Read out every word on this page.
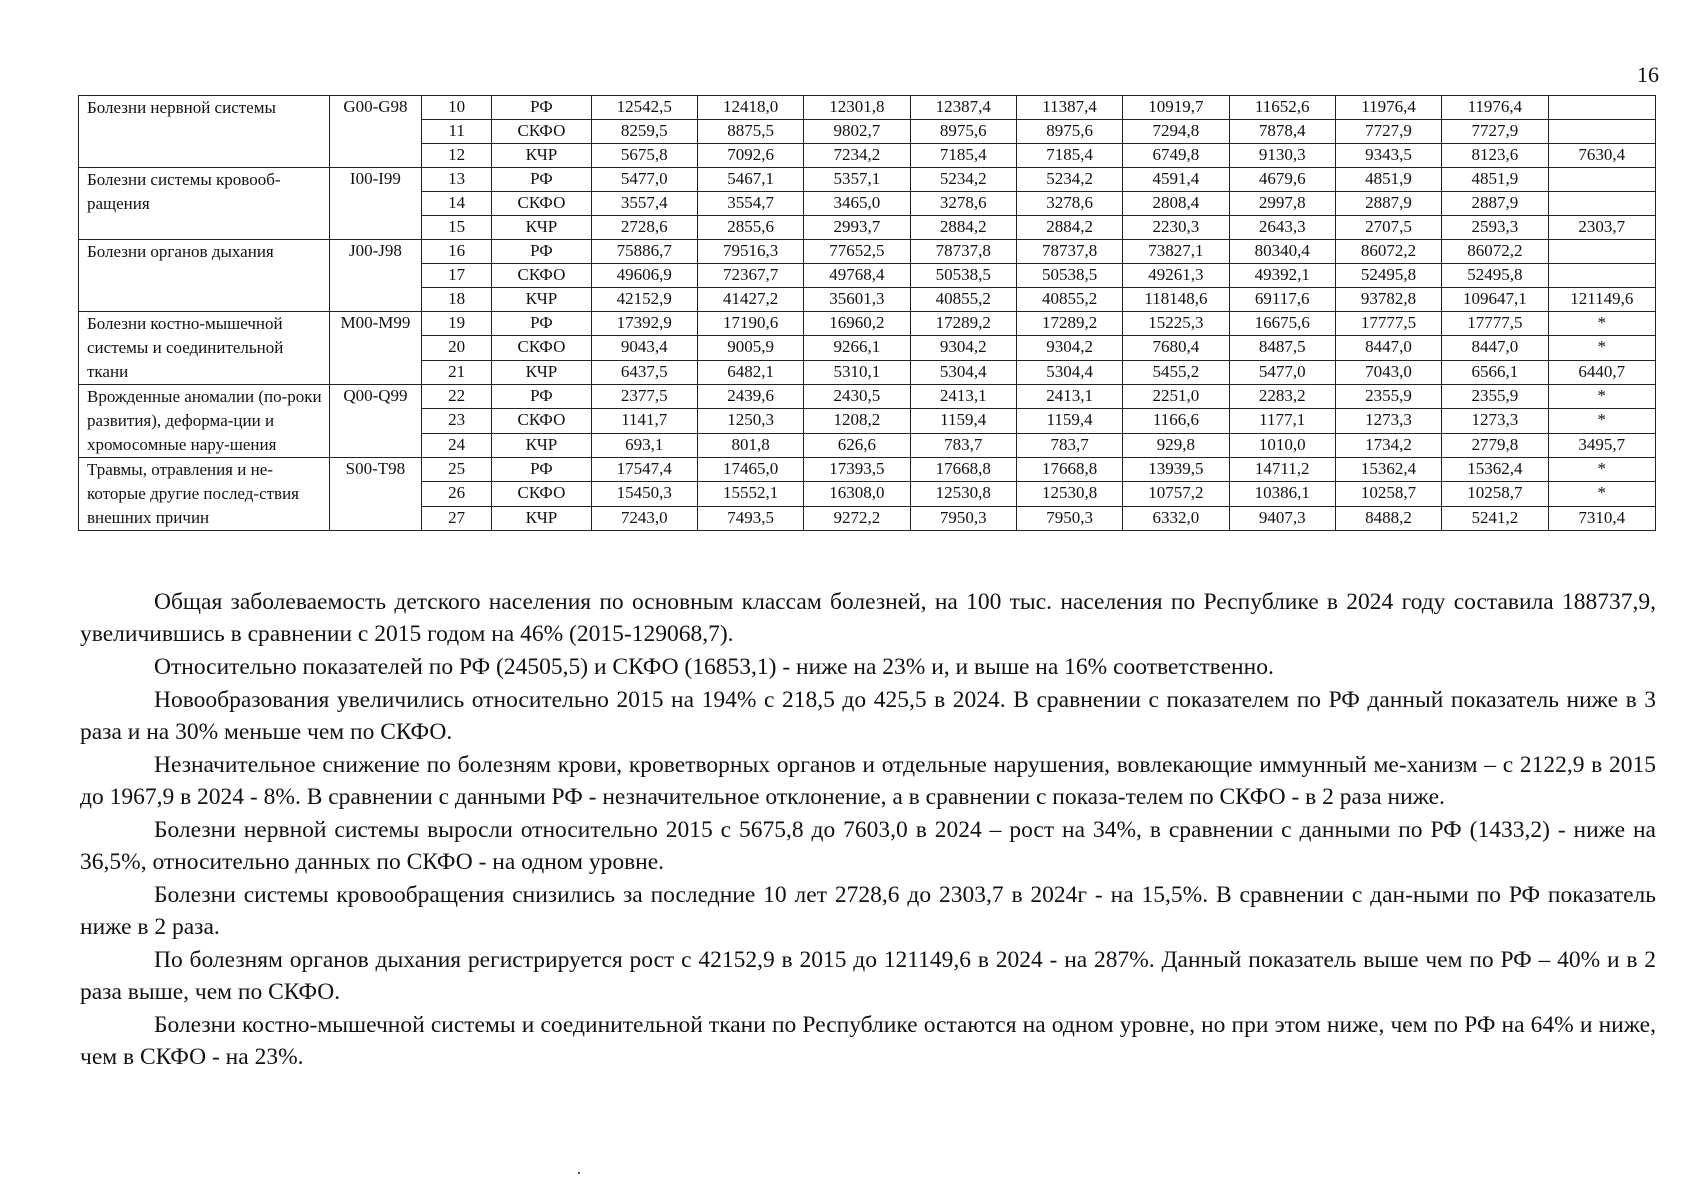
16
Болезни нервной системы	G00-G98	10	РФ	12542,5	12418,0	12301,8	12387,4	11387,4	10919,7	11652,6	11976,4	11976,4	
		11	СКФО	8259,5	8875,5	9802,7	8975,6	8975,6	7294,8	7878,4	7727,9	7727,9	
		12	КЧР	5675,8	7092,6	7234,2	7185,4	7185,4	6749,8	9130,3	9343,5	8123,6	7630,4
Болезни системы кровооб-ращения	I00-I99	13	РФ	5477,0	5467,1	5357,1	5234,2	5234,2	4591,4	4679,6	4851,9	4851,9	
		14	СКФО	3557,4	3554,7	3465,0	3278,6	3278,6	2808,4	2997,8	2887,9	2887,9	
		15	КЧР	2728,6	2855,6	2993,7	2884,2	2884,2	2230,3	2643,3	2707,5	2593,3	2303,7
Болезни органов дыхания	J00-J98	16	РФ	75886,7	79516,3	77652,5	78737,8	78737,8	73827,1	80340,4	86072,2	86072,2	
		17	СКФО	49606,9	72367,7	49768,4	50538,5	50538,5	49261,3	49392,1	52495,8	52495,8	
		18	КЧР	42152,9	41427,2	35601,3	40855,2	40855,2	118148,6	69117,6	93782,8	109647,1	121149,6
Болезни костно-мышечной системы и соединительной ткани	M00-M99	19	РФ	17392,9	17190,6	16960,2	17289,2	17289,2	15225,3	16675,6	17777,5	17777,5	*
		20	СКФО	9043,4	9005,9	9266,1	9304,2	9304,2	7680,4	8487,5	8447,0	8447,0	*
		21	КЧР	6437,5	6482,1	5310,1	5304,4	5304,4	5455,2	5477,0	7043,0	6566,1	6440,7
Врожденные аномалии (по-роки развития), деформа-ции и хромосомные нару-шения	Q00-Q99	22	РФ	2377,5	2439,6	2430,5	2413,1	2413,1	2251,0	2283,2	2355,9	2355,9	*
		23	СКФО	1141,7	1250,3	1208,2	1159,4	1159,4	1166,6	1177,1	1273,3	1273,3	*
		24	КЧР	693,1	801,8	626,6	783,7	783,7	929,8	1010,0	1734,2	2779,8	3495,7
Травмы, отравления и не-которые другие послед-ствия внешних причин	S00-T98	25	РФ	17547,4	17465,0	17393,5	17668,8	17668,8	13939,5	14711,2	15362,4	15362,4	*
		26	СКФО	15450,3	15552,1	16308,0	12530,8	12530,8	10757,2	10386,1	10258,7	10258,7	*
		27	КЧР	7243,0	7493,5	9272,2	7950,3	7950,3	6332,0	9407,3	8488,2	5241,2	7310,4

Общая заболеваемость детского населения по основным классам болезней, на 100 тыс. населения по Республике в 2024 году составила 188737,9, увеличившись в сравнении с 2015 годом на 46% (2015-129068,7).

Относительно показателей по РФ (24505,5) и СКФО (16853,1) - ниже на 23% и, и выше на 16% соответственно.

Новообразования увеличились относительно 2015 на 194% с 218,5 до 425,5 в 2024. В сравнении с показателем по РФ данный показатель ниже в 3 раза и на 30% меньше чем по СКФО.

Незначительное снижение по болезням крови, кроветворных органов и отдельные нарушения, вовлекающие иммунный ме-ханизм – с 2122,9 в 2015 до 1967,9 в 2024 - 8%. В сравнении с данными РФ - незначительное отклонение, а в сравнении с показа-телем по СКФО - в 2 раза ниже.

Болезни нервной системы выросли относительно 2015 с 5675,8 до 7603,0 в 2024 – рост на 34%, в сравнении с данными по РФ (1433,2) - ниже на 36,5%, относительно данных по СКФО - на одном уровне.

Болезни системы кровообращения снизились за последние 10 лет 2728,6 до 2303,7 в 2024г - на 15,5%. В сравнении с дан-ными по РФ показатель ниже в 2 раза.

По болезням органов дыхания регистрируется рост с 42152,9 в 2015 до 121149,6 в 2024 - на 287%. Данный показатель выше чем по РФ – 40% и в 2 раза выше, чем по СКФО.

Болезни костно-мышечной системы и соединительной ткани по Республике остаются на одном уровне, но при этом ниже, чем по РФ на 64% и ниже, чем в СКФО - на 23%.
